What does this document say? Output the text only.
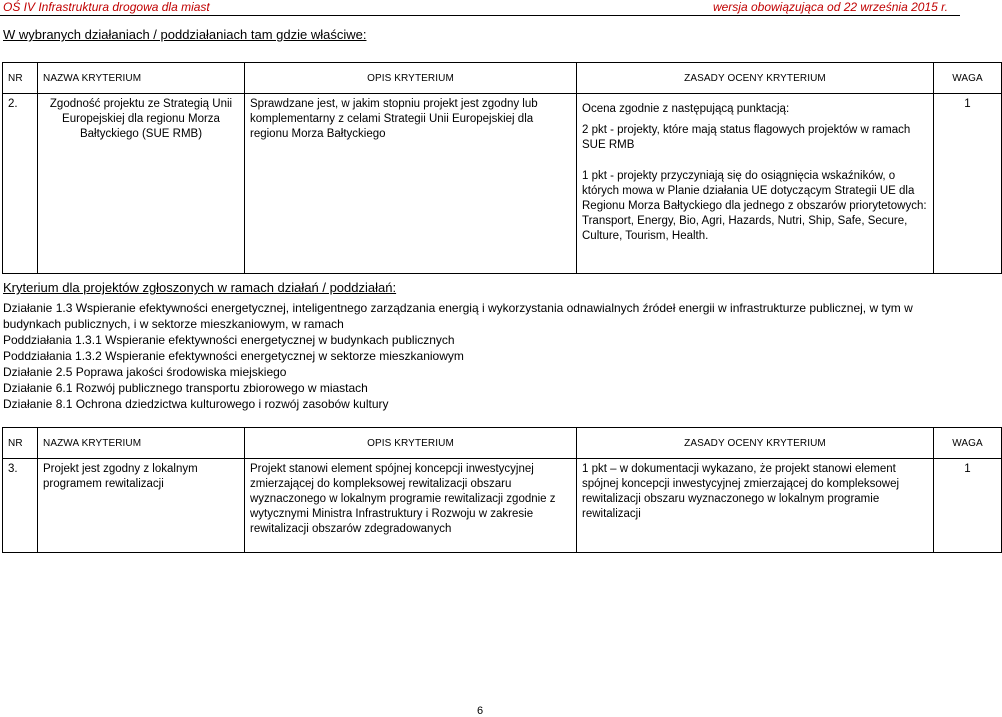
OŚ IV Infrastruktura drogowa dla miast	wersja obowiązująca od 22 września 2015 r.
W wybranych działaniach / poddziałaniach tam gdzie właściwe:
NR	NAZWA KRYTERIUM	OPIS KRYTERIUM	ZASADY OCENY KRYTERIUM	WAGA
2.	Zgodność projektu ze Strategią Unii Europejskiej dla regionu Morza Bałtyckiego (SUE RMB)	Sprawdzane jest, w jakim stopniu projekt jest zgodny lub komplementarny z celami Strategii Unii Europejskiej dla regionu Morza Bałtyckiego	Ocena zgodnie z następującą punktacją:

2 pkt - projekty, które mają status flagowych projektów w ramach SUE RMB

1 pkt - projekty przyczyniają się do osiągnięcia wskaźników, o których mowa w Planie działania UE dotyczącym Strategii UE dla Regionu Morza Bałtyckiego dla jednego z obszarów priorytetowych: Transport, Energy, Bio, Agri, Hazards, Nutri, Ship, Safe, Secure, Culture, Tourism, Health.	1
Kryterium dla projektów zgłoszonych w ramach działań / poddziałań:

Działanie 1.3 Wspieranie efektywności energetycznej, inteligentnego zarządzania energią i wykorzystania odnawialnych źródeł energii w infrastrukturze publicznej, w tym w budynkach publicznych, i w sektorze mieszkaniowym, w ramach

Poddziałania 1.3.1 Wspieranie efektywności energetycznej w budynkach publicznych

Poddziałania 1.3.2 Wspieranie efektywności energetycznej w sektorze mieszkaniowym

Działanie 2.5 Poprawa jakości środowiska miejskiego

Działanie 6.1 Rozwój publicznego transportu zbiorowego w miastach

Działanie 8.1 Ochrona dziedzictwa kulturowego i rozwój zasobów kultury

NR	NAZWA KRYTERIUM	OPIS KRYTERIUM	ZASADY OCENY KRYTERIUM	WAGA
3.	Projekt jest zgodny z lokalnym programem rewitalizacji	Projekt stanowi element spójnej koncepcji inwestycyjnej zmierzającej do kompleksowej rewitalizacji obszaru wyznaczonego w lokalnym programie rewitalizacji zgodnie z wytycznymi Ministra Infrastruktury i Rozwoju w zakresie rewitalizacji obszarów zdegradowanych	1 pkt – w dokumentacji wykazano, że projekt stanowi element spójnej koncepcji inwestycyjnej zmierzającej do kompleksowej rewitalizacji obszaru wyznaczonego w lokalnym programie rewitalizacji	1
6
